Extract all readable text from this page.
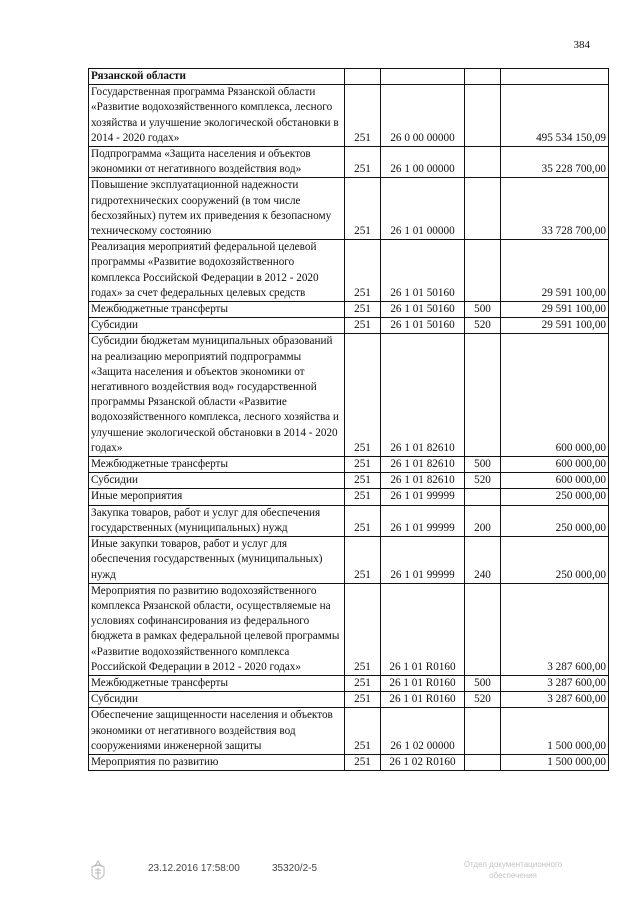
384
Рязанской области				
Государственная программа Рязанской области «Развитие водохозяйственного комплекса, лесного хозяйства и улучшение экологической обстановки в 2014 - 2020 годах»	251	26 0 00 00000		495 534 150,09
Подпрограмма «Защита населения и объектов экономики от негативного воздействия вод»	251	26 1 00 00000		35 228 700,00
Повышение эксплуатационной надежности гидротехнических сооружений (в том числе бесхозяйных) путем их приведения к безопасному техническому состоянию	251	26 1 01 00000		33 728 700,00
Реализация мероприятий федеральной целевой программы «Развитие водохозяйственного комплекса Российской Федерации в 2012 - 2020 годах» за счет федеральных целевых средств	251	26 1 01 50160		29 591 100,00
Межбюджетные трансферты	251	26 1 01 50160	500	29 591 100,00
Субсидии	251	26 1 01 50160	520	29 591 100,00
Субсидии бюджетам муниципальных образований на реализацию мероприятий подпрограммы «Защита населения и объектов экономики от негативного воздействия вод» государственной программы Рязанской области «Развитие водохозяйственного комплекса, лесного хозяйства и улучшение экологической обстановки в 2014 - 2020 годах»	251	26 1 01 82610		600 000,00
Межбюджетные трансферты	251	26 1 01 82610	500	600 000,00
Субсидии	251	26 1 01 82610	520	600 000,00
Иные мероприятия	251	26 1 01 99999		250 000,00
Закупка товаров, работ и услуг для обеспечения государственных (муниципальных) нужд	251	26 1 01 99999	200	250 000,00
Иные закупки товаров, работ и услуг для обеспечения государственных (муниципальных) нужд	251	26 1 01 99999	240	250 000,00
Мероприятия по развитию водохозяйственного комплекса Рязанской области, осуществляемые на условиях софинансирования из федерального бюджета в рамках федеральной целевой программы «Развитие водохозяйственного комплекса Российской Федерации в 2012 - 2020 годах»	251	26 1 01 R0160		3 287 600,00
Межбюджетные трансферты	251	26 1 01 R0160	500	3 287 600,00
Субсидии	251	26 1 01 R0160	520	3 287 600,00
Обеспечение защищенности населения и объектов экономики от негативного воздействия вод сооружениями инженерной защиты	251	26 1 02 00000		1 500 000,00
Мероприятия по развитию	251	26 1 02 R0160		1 500 000,00
23.12.2016 17:58:00	35320/2-5	Отдел документационного обеспечения
